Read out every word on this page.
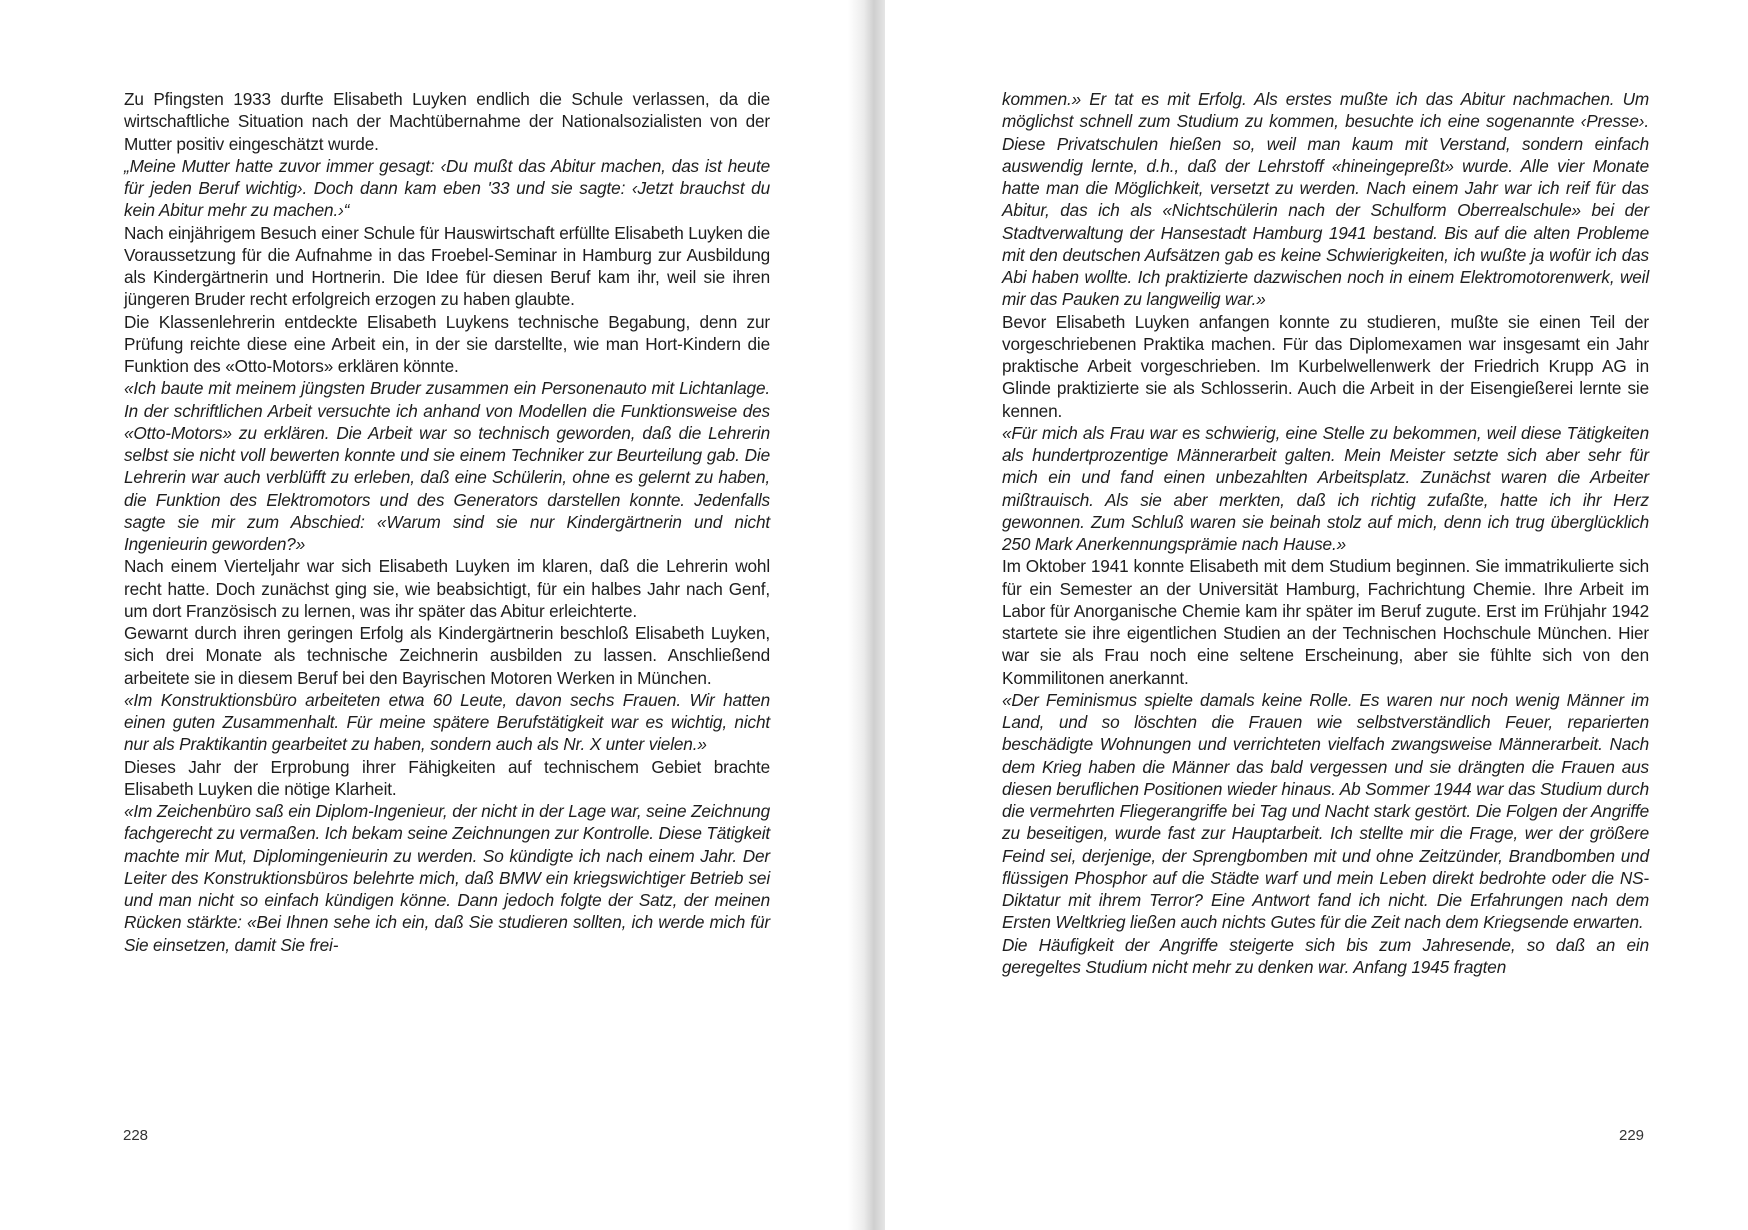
Zu Pfingsten 1933 durfte Elisabeth Luyken endlich die Schule verlassen, da die wirtschaftliche Situation nach der Machtübernahme der Nationalsozialisten von der Mutter positiv eingeschätzt wurde.

„Meine Mutter hatte zuvor immer gesagt: ‹Du mußt das Abitur machen, das ist heute für jeden Beruf wichtig›. Doch dann kam eben '33 und sie sagte: ‹Jetzt brauchst du kein Abitur mehr zu machen.›“

Nach einjährigem Besuch einer Schule für Hauswirtschaft erfüllte Elisabeth Luyken die Voraussetzung für die Aufnahme in das Froebel-Seminar in Hamburg zur Ausbildung als Kindergärtnerin und Hortnerin. Die Idee für diesen Beruf kam ihr, weil sie ihren jüngeren Bruder recht erfolgreich erzogen zu haben glaubte.

Die Klassenlehrerin entdeckte Elisabeth Luykens technische Begabung, denn zur Prüfung reichte diese eine Arbeit ein, in der sie darstellte, wie man Hort-Kindern die Funktion des «Otto-Motors» erklären könnte.

«Ich baute mit meinem jüngsten Bruder zusammen ein Personenauto mit Lichtanlage. In der schriftlichen Arbeit versuchte ich anhand von Modellen die Funktionsweise des «Otto-Motors» zu erklären. Die Arbeit war so technisch geworden, daß die Lehrerin selbst sie nicht voll bewerten konnte und sie einem Techniker zur Beurteilung gab. Die Lehrerin war auch verblüfft zu erleben, daß eine Schülerin, ohne es gelernt zu haben, die Funktion des Elektromotors und des Generators darstellen konnte. Jedenfalls sagte sie mir zum Abschied: «Warum sind sie nur Kindergärtnerin und nicht Ingenieurin geworden?»

Nach einem Vierteljahr war sich Elisabeth Luyken im klaren, daß die Lehrerin wohl recht hatte. Doch zunächst ging sie, wie beabsichtigt, für ein halbes Jahr nach Genf, um dort Französisch zu lernen, was ihr später das Abitur erleichterte.

Gewarnt durch ihren geringen Erfolg als Kindergärtnerin beschloß Elisabeth Luyken, sich drei Monate als technische Zeichnerin ausbilden zu lassen. Anschließend arbeitete sie in diesem Beruf bei den Bayrischen Motoren Werken in München.

«Im Konstruktionsbüro arbeiteten etwa 60 Leute, davon sechs Frauen. Wir hatten einen guten Zusammenhalt. Für meine spätere Berufstätigkeit war es wichtig, nicht nur als Praktikantin gearbeitet zu haben, sondern auch als Nr. X unter vielen.»

Dieses Jahr der Erprobung ihrer Fähigkeiten auf technischem Gebiet brachte Elisabeth Luyken die nötige Klarheit.

«Im Zeichenbüro saß ein Diplom-Ingenieur, der nicht in der Lage war, seine Zeichnung fachgerecht zu vermaßen. Ich bekam seine Zeichnungen zur Kontrolle. Diese Tätigkeit machte mir Mut, Diplomingenieurin zu werden. So kündigte ich nach einem Jahr. Der Leiter des Konstruktionsbüros belehrte mich, daß BMW ein kriegswichtiger Betrieb sei und man nicht so einfach kündigen könne. Dann jedoch folgte der Satz, der meinen Rücken stärkte: «Bei Ihnen sehe ich ein, daß Sie studieren sollten, ich werde mich für Sie einsetzen, damit Sie frei-

228

kommen.» Er tat es mit Erfolg. Als erstes mußte ich das Abitur nachmachen. Um möglichst schnell zum Studium zu kommen, besuchte ich eine sogenannte ‹Presse›. Diese Privatschulen hießen so, weil man kaum mit Verstand, sondern einfach auswendig lernte, d.h., daß der Lehrstoff «hineingepreßt» wurde. Alle vier Monate hatte man die Möglichkeit, versetzt zu werden. Nach einem Jahr war ich reif für das Abitur, das ich als «Nichtschülerin nach der Schulform Oberrealschule» bei der Stadtverwaltung der Hansestadt Hamburg 1941 bestand. Bis auf die alten Probleme mit den deutschen Aufsätzen gab es keine Schwierigkeiten, ich wußte ja wofür ich das Abi haben wollte. Ich praktizierte dazwischen noch in einem Elektromotorenwerk, weil mir das Pauken zu langweilig war.»

Bevor Elisabeth Luyken anfangen konnte zu studieren, mußte sie einen Teil der vorgeschriebenen Praktika machen. Für das Diplomexamen war insgesamt ein Jahr praktische Arbeit vorgeschrieben. Im Kurbelwellenwerk der Friedrich Krupp AG in Glinde praktizierte sie als Schlosserin. Auch die Arbeit in der Eisengießerei lernte sie kennen.

«Für mich als Frau war es schwierig, eine Stelle zu bekommen, weil diese Tätigkeiten als hundertprozentige Männerarbeit galten. Mein Meister setzte sich aber sehr für mich ein und fand einen unbezahlten Arbeitsplatz. Zunächst waren die Arbeiter mißtrauisch. Als sie aber merkten, daß ich richtig zufaßte, hatte ich ihr Herz gewonnen. Zum Schluß waren sie beinah stolz auf mich, denn ich trug überglücklich 250 Mark Anerkennungsprämie nach Hause.»

Im Oktober 1941 konnte Elisabeth mit dem Studium beginnen. Sie immatrikulierte sich für ein Semester an der Universität Hamburg, Fachrichtung Chemie. Ihre Arbeit im Labor für Anorganische Chemie kam ihr später im Beruf zugute. Erst im Frühjahr 1942 startete sie ihre eigentlichen Studien an der Technischen Hochschule München. Hier war sie als Frau noch eine seltene Erscheinung, aber sie fühlte sich von den Kommilitonen anerkannt.

«Der Feminismus spielte damals keine Rolle. Es waren nur noch wenig Männer im Land, und so löschten die Frauen wie selbstverständlich Feuer, reparierten beschädigte Wohnungen und verrichteten vielfach zwangsweise Männerarbeit. Nach dem Krieg haben die Männer das bald vergessen und sie drängten die Frauen aus diesen beruflichen Positionen wieder hinaus. Ab Sommer 1944 war das Studium durch die vermehrten Fliegerangriffe bei Tag und Nacht stark gestört. Die Folgen der Angriffe zu beseitigen, wurde fast zur Hauptarbeit. Ich stellte mir die Frage, wer der größere Feind sei, derjenige, der Sprengbomben mit und ohne Zeitzünder, Brandbomben und flüssigen Phosphor auf die Städte warf und mein Leben direkt bedrohte oder die NS-Diktatur mit ihrem Terror? Eine Antwort fand ich nicht. Die Erfahrungen nach dem Ersten Weltkrieg ließen auch nichts Gutes für die Zeit nach dem Kriegsende erwarten.

Die Häufigkeit der Angriffe steigerte sich bis zum Jahresende, so daß an ein geregeltes Studium nicht mehr zu denken war. Anfang 1945 fragten

229
